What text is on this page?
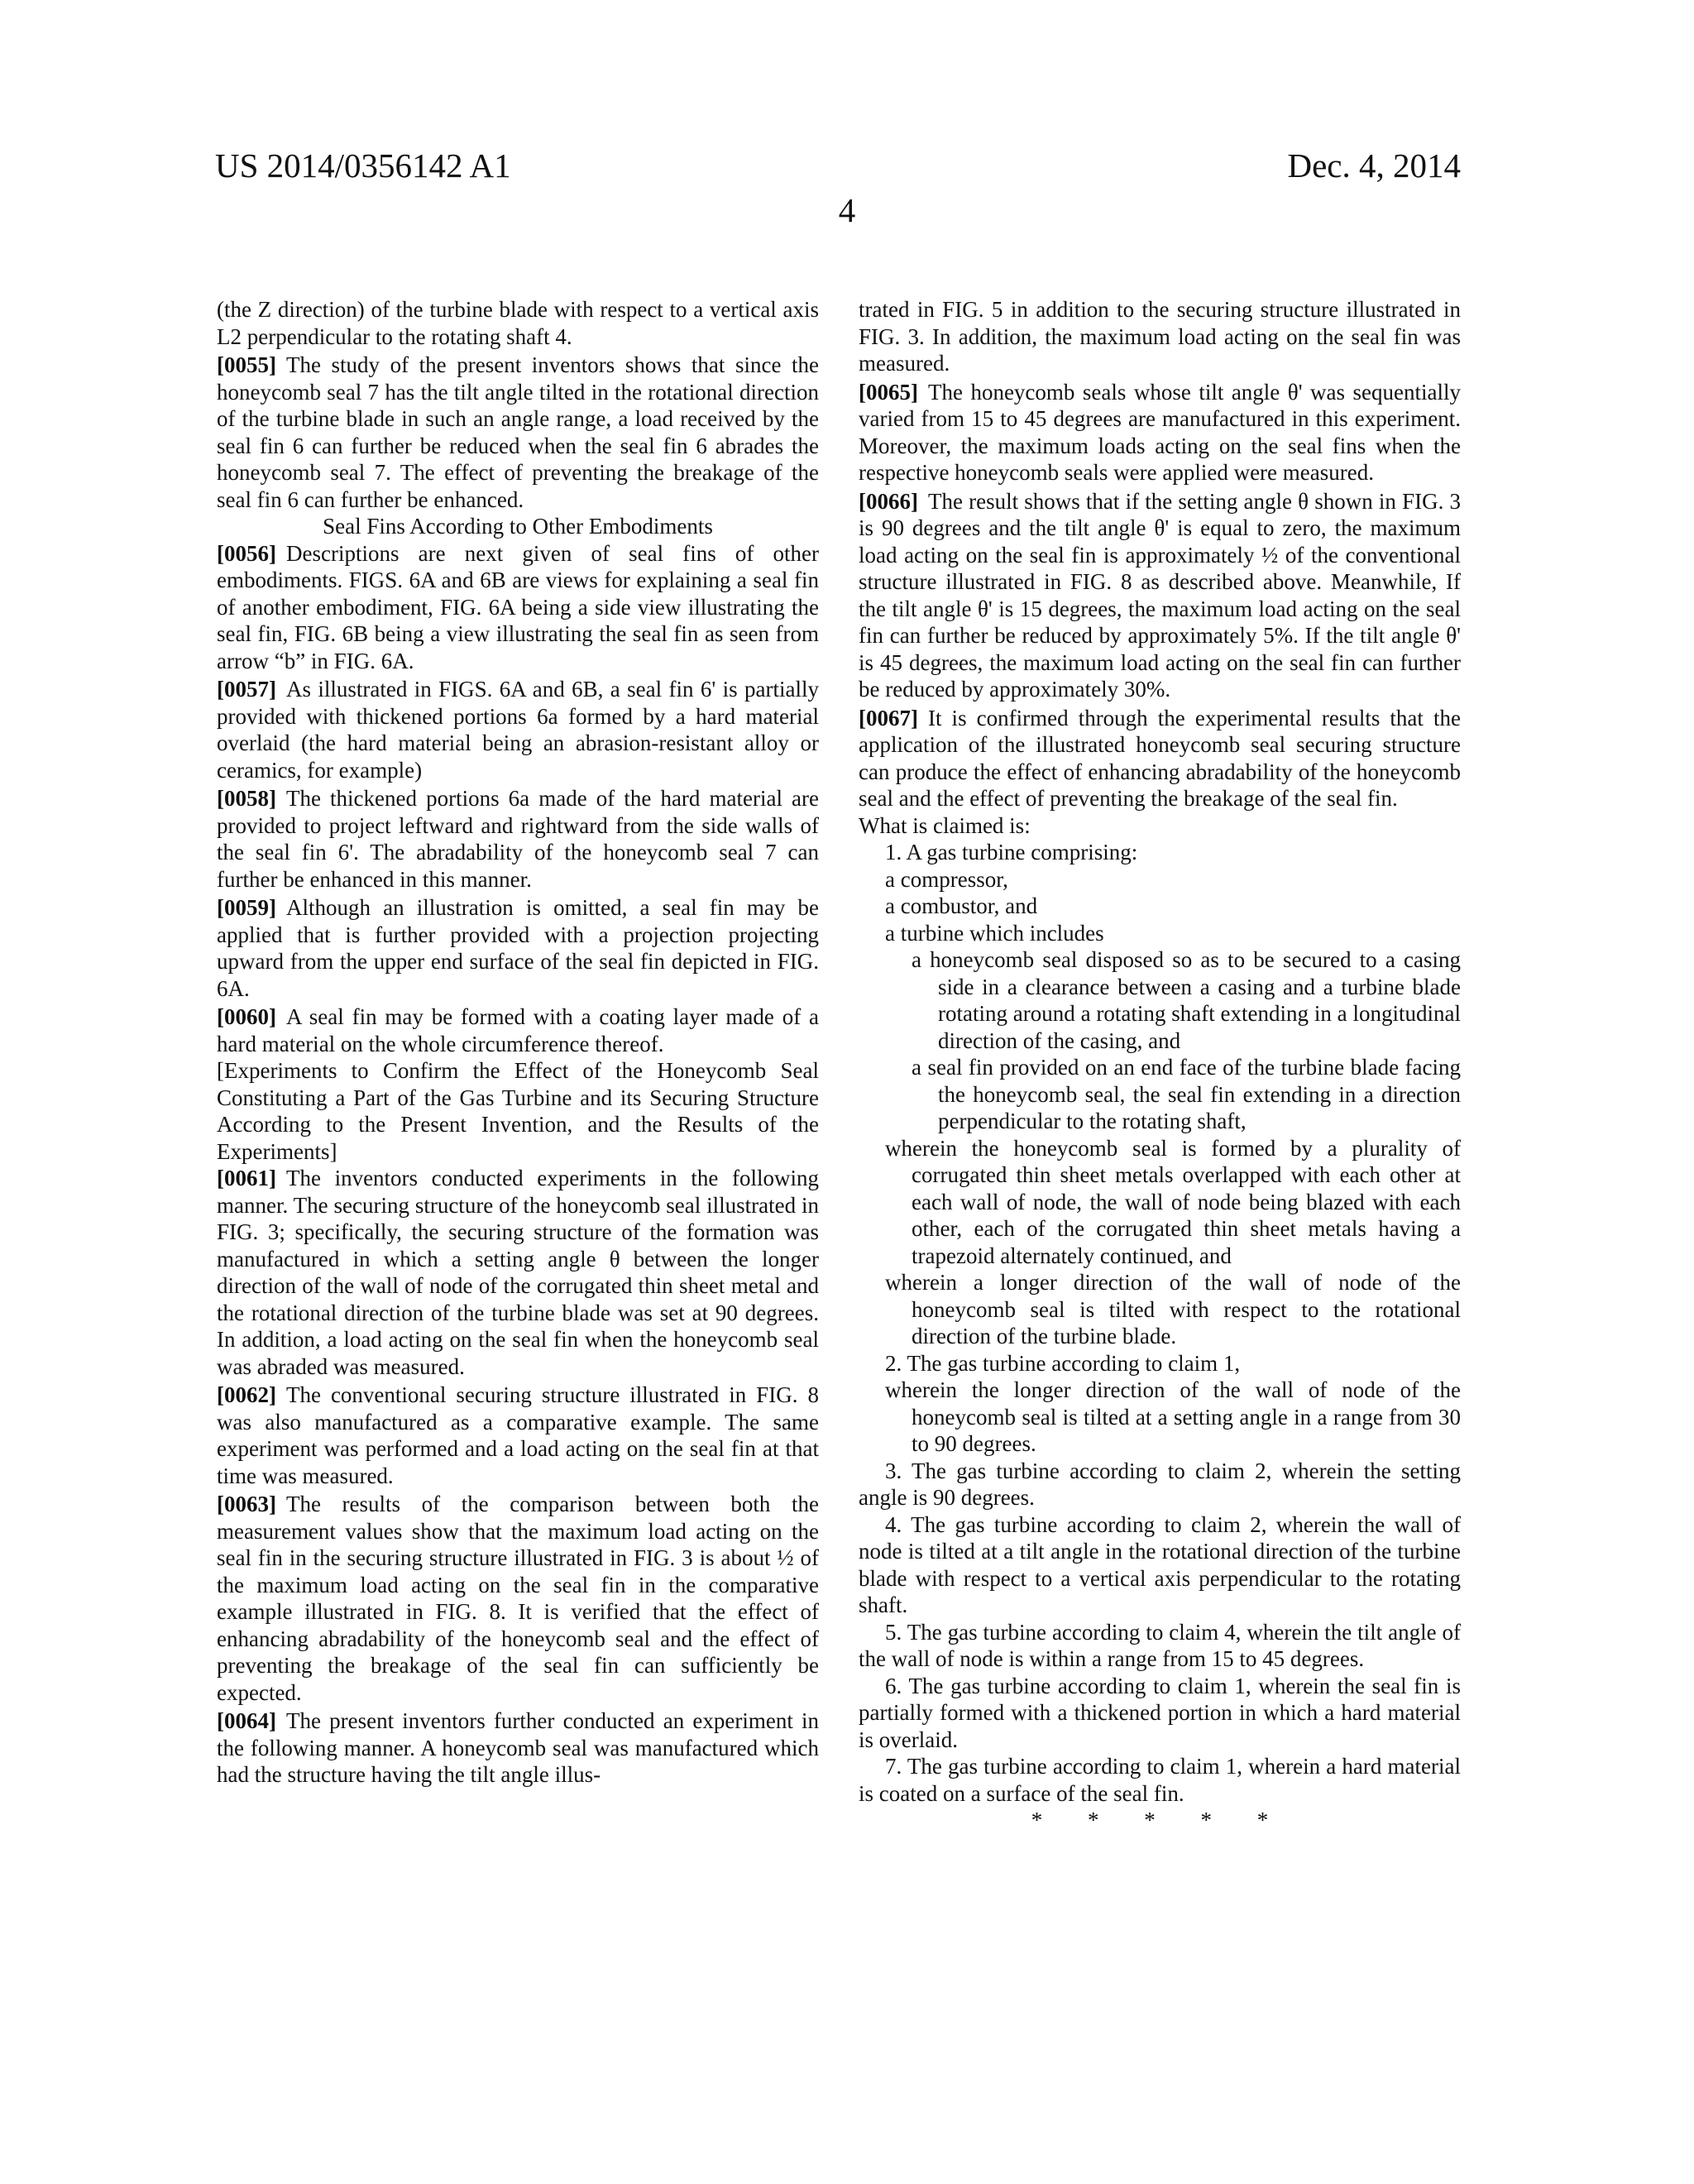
US 2014/0356142 A1	Dec. 4, 2014
4

(the Z direction) of the turbine blade with respect to a vertical axis L2 perpendicular to the rotating shaft 4.

[0055] The study of the present inventors shows that since the honeycomb seal 7 has the tilt angle tilted in the rotational direction of the turbine blade in such an angle range, a load received by the seal fin 6 can further be reduced when the seal fin 6 abrades the honeycomb seal 7. The effect of preventing the breakage of the seal fin 6 can further be enhanced.

Seal Fins According to Other Embodiments

[0056] Descriptions are next given of seal fins of other embodiments. FIGS. 6A and 6B are views for explaining a seal fin of another embodiment, FIG. 6A being a side view illustrating the seal fin, FIG. 6B being a view illustrating the seal fin as seen from arrow “b” in FIG. 6A.

[0057] As illustrated in FIGS. 6A and 6B, a seal fin 6' is partially provided with thickened portions 6a formed by a hard material overlaid (the hard material being an abrasion-resistant alloy or ceramics, for example)

[0058] The thickened portions 6a made of the hard material are provided to project leftward and rightward from the side walls of the seal fin 6'. The abradability of the honeycomb seal 7 can further be enhanced in this manner.

[0059] Although an illustration is omitted, a seal fin may be applied that is further provided with a projection projecting upward from the upper end surface of the seal fin depicted in FIG. 6A.

[0060] A seal fin may be formed with a coating layer made of a hard material on the whole circumference thereof.

[Experiments to Confirm the Effect of the Honeycomb Seal Constituting a Part of the Gas Turbine and its Securing Structure According to the Present Invention, and the Results of the Experiments]

[0061] The inventors conducted experiments in the following manner. The securing structure of the honeycomb seal illustrated in FIG. 3; specifically, the securing structure of the formation was manufactured in which a setting angle θ between the longer direction of the wall of node of the corrugated thin sheet metal and the rotational direction of the turbine blade was set at 90 degrees. In addition, a load acting on the seal fin when the honeycomb seal was abraded was measured.

[0062] The conventional securing structure illustrated in FIG. 8 was also manufactured as a comparative example. The same experiment was performed and a load acting on the seal fin at that time was measured.

[0063] The results of the comparison between both the measurement values show that the maximum load acting on the seal fin in the securing structure illustrated in FIG. 3 is about ½ of the maximum load acting on the seal fin in the comparative example illustrated in FIG. 8. It is verified that the effect of enhancing abradability of the honeycomb seal and the effect of preventing the breakage of the seal fin can sufficiently be expected.

[0064] The present inventors further conducted an experiment in the following manner. A honeycomb seal was manufactured which had the structure having the tilt angle illus-

trated in FIG. 5 in addition to the securing structure illustrated in FIG. 3. In addition, the maximum load acting on the seal fin was measured.

[0065] The honeycomb seals whose tilt angle θ' was sequentially varied from 15 to 45 degrees are manufactured in this experiment. Moreover, the maximum loads acting on the seal fins when the respective honeycomb seals were applied were measured.

[0066] The result shows that if the setting angle θ shown in FIG. 3 is 90 degrees and the tilt angle θ' is equal to zero, the maximum load acting on the seal fin is approximately ½ of the conventional structure illustrated in FIG. 8 as described above. Meanwhile, If the tilt angle θ' is 15 degrees, the maximum load acting on the seal fin can further be reduced by approximately 5%. If the tilt angle θ' is 45 degrees, the maximum load acting on the seal fin can further be reduced by approximately 30%.

[0067] It is confirmed through the experimental results that the application of the illustrated honeycomb seal securing structure can produce the effect of enhancing abradability of the honeycomb seal and the effect of preventing the breakage of the seal fin.

What is claimed is:

1. A gas turbine comprising:

a compressor,

a combustor, and

a turbine which includes

a honeycomb seal disposed so as to be secured to a casing side in a clearance between a casing and a turbine blade rotating around a rotating shaft extending in a longitudinal direction of the casing, and

a seal fin provided on an end face of the turbine blade facing the honeycomb seal, the seal fin extending in a direction perpendicular to the rotating shaft,

wherein the honeycomb seal is formed by a plurality of corrugated thin sheet metals overlapped with each other at each wall of node, the wall of node being blazed with each other, each of the corrugated thin sheet metals having a trapezoid alternately continued, and

wherein a longer direction of the wall of node of the honeycomb seal is tilted with respect to the rotational direction of the turbine blade.

2. The gas turbine according to claim 1,

wherein the longer direction of the wall of node of the honeycomb seal is tilted at a setting angle in a range from 30 to 90 degrees.

3. The gas turbine according to claim 2, wherein the setting angle is 90 degrees.

4. The gas turbine according to claim 2, wherein the wall of node is tilted at a tilt angle in the rotational direction of the turbine blade with respect to a vertical axis perpendicular to the rotating shaft.

5. The gas turbine according to claim 4, wherein the tilt angle of the wall of node is within a range from 15 to 45 degrees.

6. The gas turbine according to claim 1, wherein the seal fin is partially formed with a thickened portion in which a hard material is overlaid.

7. The gas turbine according to claim 1, wherein a hard material is coated on a surface of the seal fin.

* * * * *
